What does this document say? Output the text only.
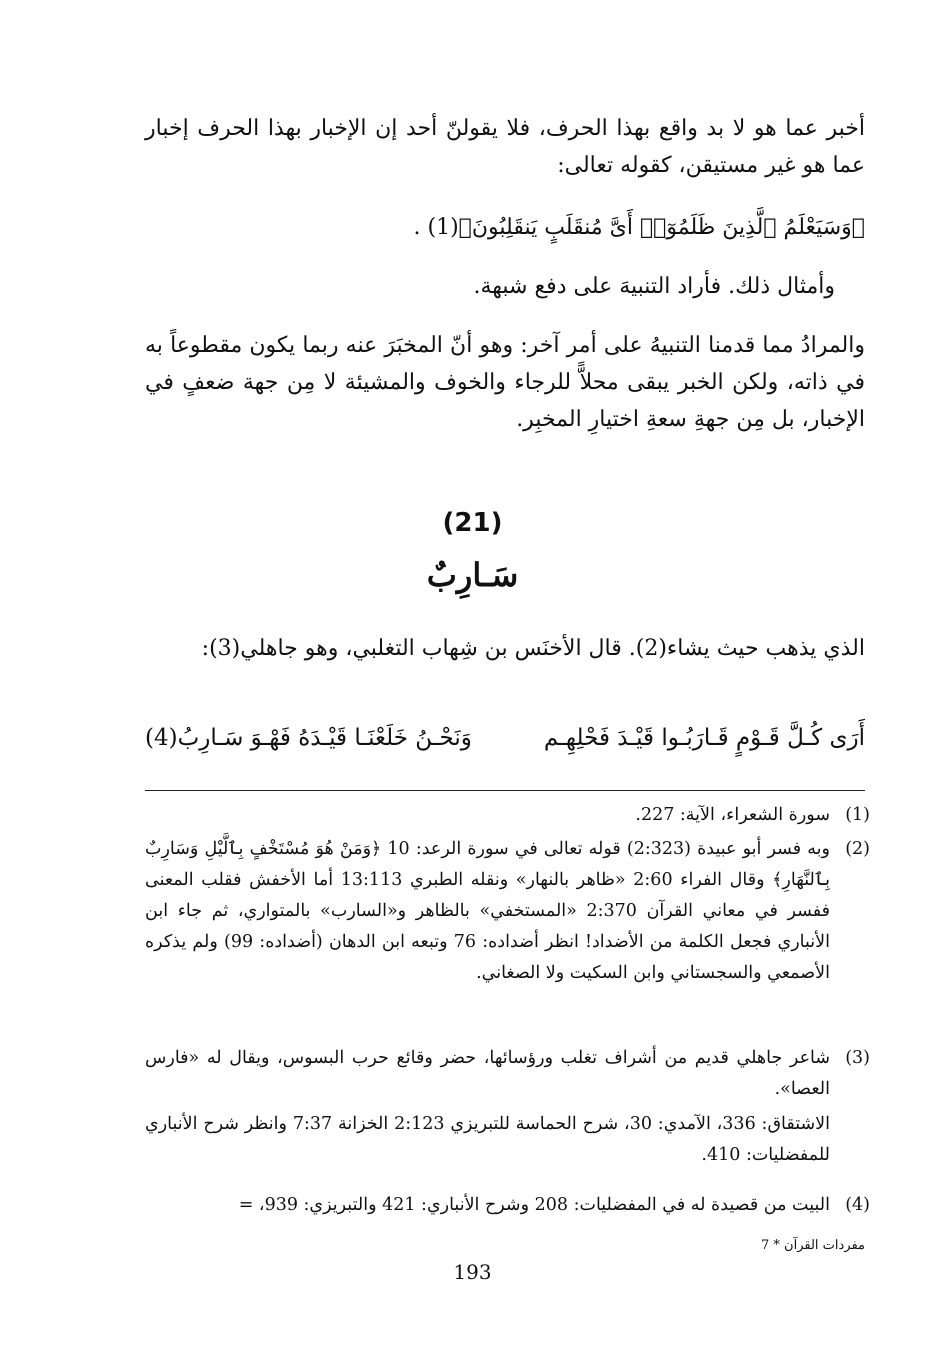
أخبر عما هو لا بد واقع بهذا الحرف، فلا يقولنّ أحد إن الإخبار بهذا الحرف إخبار عما هو غير مستيقن، كقوله تعالى:
﴿وَسَيَعْلَمُ ٱلَّذِينَ ظَلَمُوٓا۟ أَىَّ مُنقَلَبٍ يَنقَلِبُونَ﴾(1) .
وأمثال ذلك. فأراد التنبيهَ على دفع شبهة.
والمرادُ مما قدمنا التنبيهُ على أمر آخر: وهو أنّ المخبَرَ عنه ربما يكون مقطوعاً به في ذاته، ولكن الخبر يبقى محلاًّ للرجاء والخوف والمشيئة لا مِن جهة ضعفٍ في الإخبار، بل مِن جهةِ سعةِ اختيارِ المخبِر.
(21)
سَـارِبٌ
الذي يذهب حيث يشاء(2). قال الأخنَس بن شِهاب التغلبي، وهو جاهلي(3):
أَرَى كُـلَّ قَـوْمٍ قَـارَبُـوا قَيْـدَ فَحْلِهِـم
وَنَحْـنُ خَلَعْنَـا قَيْـدَهُ فَهْـوَ سَـارِبُ(4)
(1)
سورة الشعراء، الآية: 227.
(2)
وبه فسر أبو عبيدة (2:323) قوله تعالى في سورة الرعد: 10 ﴿وَمَنْ هُوَ مُسْتَخْفٍ بِٱلَّيْلِ وَسَارِبٌ بِٱلنَّهَارِ﴾ وقال الفراء 2:60 «ظاهر بالنهار» ونقله الطبري 13:113 أما الأخفش فقلب المعنى ففسر في معاني القرآن 2:370 «المستخفي» بالظاهر و«السارب» بالمتواري، ثم جاء ابن الأنباري فجعل الكلمة من الأضداد! انظر أضداده: 76 وتبعه ابن الدهان (أضداده: 99) ولم يذكره الأصمعي والسجستاني وابن السكيت ولا الصغاني.
(3)
شاعر جاهلي قديم من أشراف تغلب ورؤسائها، حضر وقائع حرب البسوس، ويقال له «فارس العصا».
الاشتقاق: 336، الآمدي: 30، شرح الحماسة للتبريزي 2:123 الخزانة 7:37 وانظر شرح الأنباري للمفضليات: 410.
(4)
البيت من قصيدة له في المفضليات: 208 وشرح الأنباري: 421 والتبريزي: 939، =
مفردات القرآن * 7
193
